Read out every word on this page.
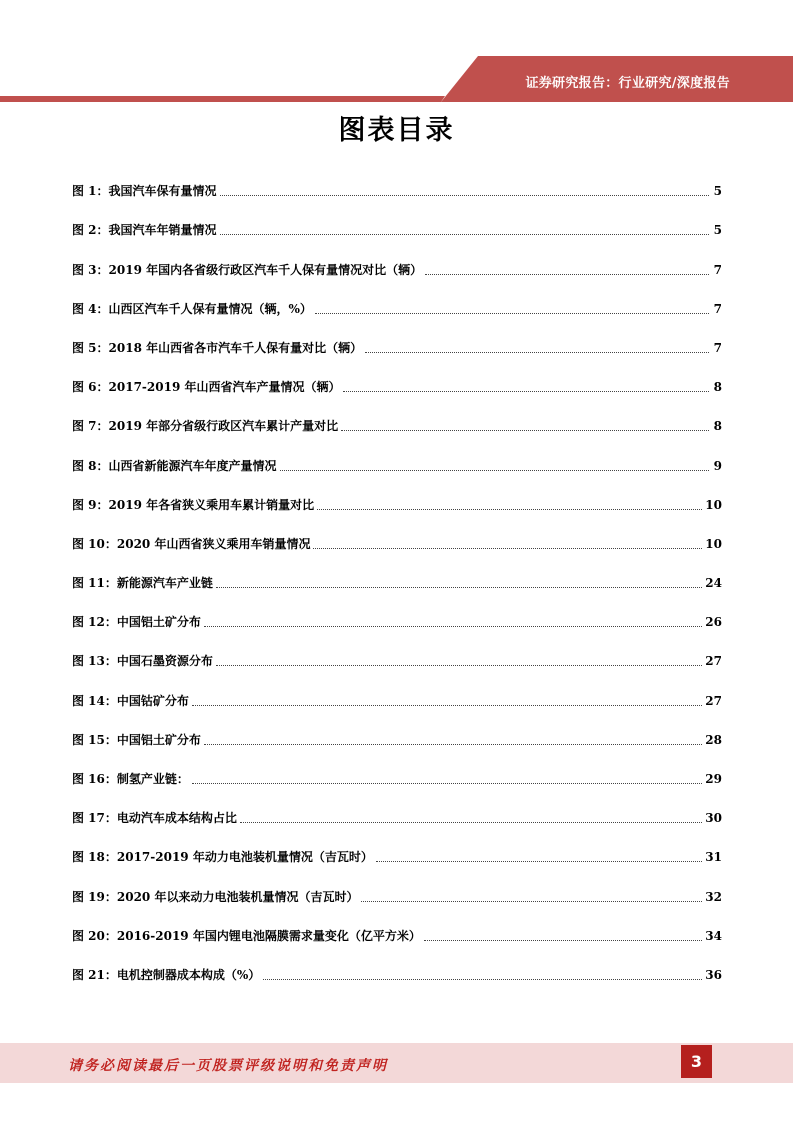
证券研究报告：行业研究/深度报告
图表目录
图 1：我国汽车保有量情况	5
图 2：我国汽车年销量情况	5
图 3：2019 年国内各省级行政区汽车千人保有量情况对比（辆）	7
图 4：山西区汽车千人保有量情况（辆，%）	7
图 5：2018 年山西省各市汽车千人保有量对比（辆）	7
图 6：2017-2019 年山西省汽车产量情况（辆）	8
图 7：2019 年部分省级行政区汽车累计产量对比	8
图 8：山西省新能源汽车年度产量情况	9
图 9：2019 年各省狭义乘用车累计销量对比	10
图 10：2020 年山西省狭义乘用车销量情况	10
图 11：新能源汽车产业链	24
图 12：中国铝土矿分布	26
图 13：中国石墨资源分布	27
图 14：中国钴矿分布	27
图 15：中国铝土矿分布	28
图 16：制氢产业链：	29
图 17：电动汽车成本结构占比	30
图 18：2017-2019 年动力电池装机量情况（吉瓦时）	31
图 19：2020 年以来动力电池装机量情况（吉瓦时）	32
图 20：2016-2019 年国内锂电池隔膜需求量变化（亿平方米）	34
图 21：电机控制器成本构成（%）	36
请务必阅读最后一页股票评级说明和免责声明	3
